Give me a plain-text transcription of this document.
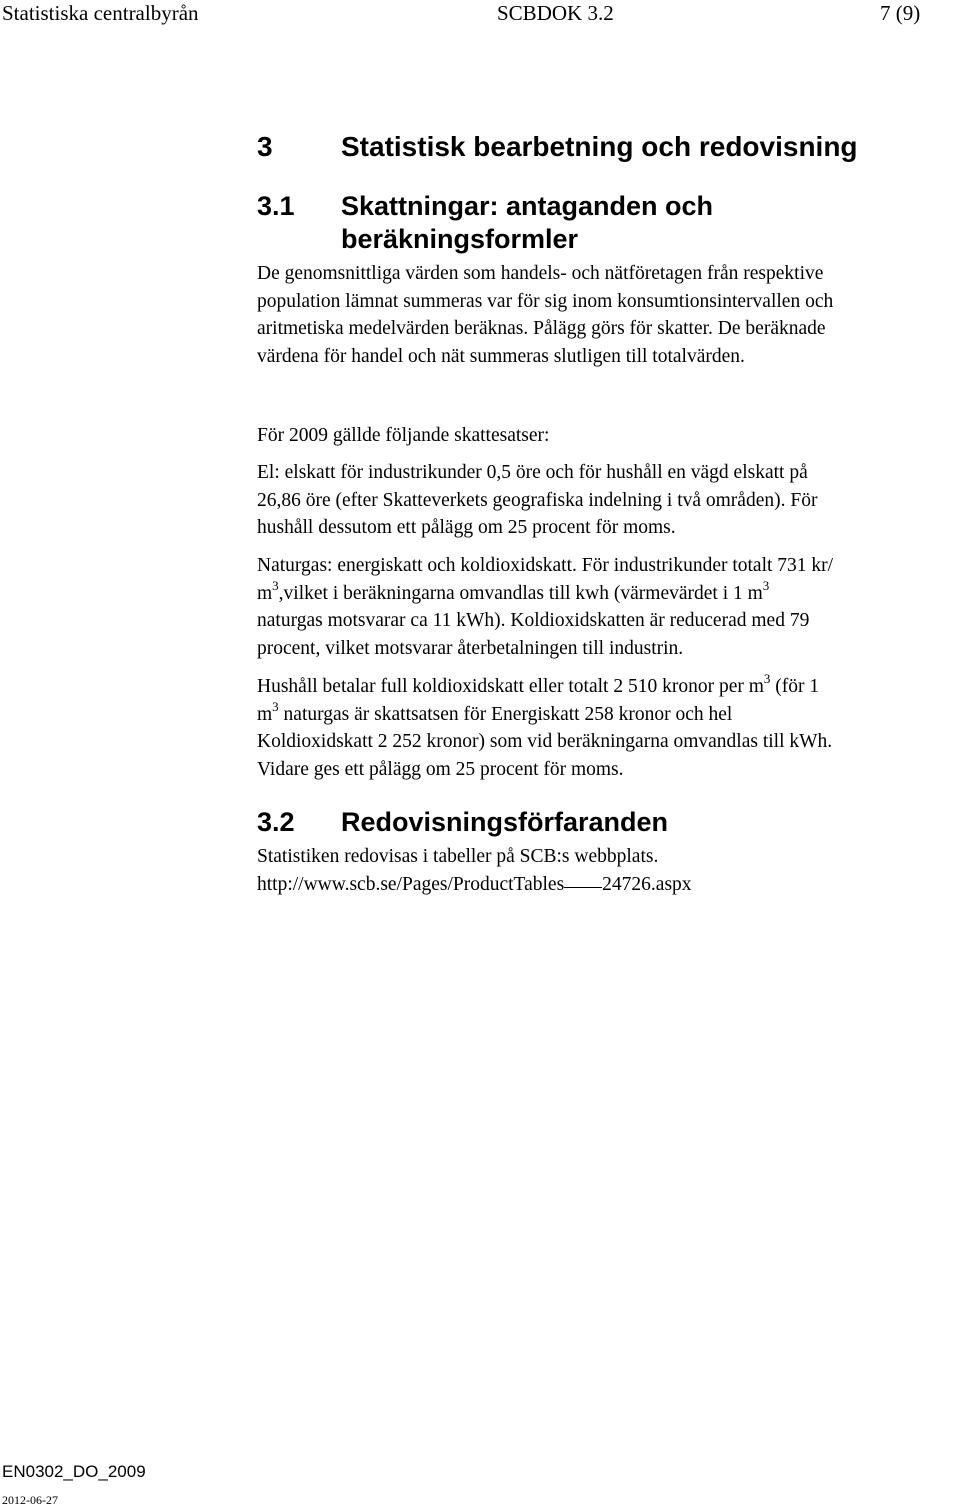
Statistiska centralbyrån	SCBDOK 3.2	7 (9)
3 Statistisk bearbetning och redovisning
3.1 Skattningar: antaganden och
beräkningsformler

De genomsnittliga värden som handels- och nätföretagen från respektive

population lämnat summeras var för sig inom konsumtionsintervallen och

aritmetiska medelvärden beräknas. Pålägg görs för skatter. De beräknade

värdena för handel och nät summeras slutligen till totalvärden.

För 2009 gällde följande skattesatser:

El: elskatt för industrikunder 0,5 öre och för hushåll en vägd elskatt på

26,86 öre (efter Skatteverkets geografiska indelning i två områden). För

hushåll dessutom ett pålägg om 25 procent för moms.

Naturgas: energiskatt och koldioxidskatt. För industrikunder totalt 731 kr/

$m^3,vilket$ i beräkningarna omvandlas till kwh (värmevärdet i 1 $m^3$

naturgas motsvarar ca 11 kWh). Koldioxidskatten är reducerad med 79

procent, vilket motsvarar återbetalningen till industrin.

Hushåll betalar full koldioxidskatt eller totalt 2 510 kronor per $m^3$ (för 1

$m^3$ naturgas är skattsatsen för Energiskatt 258 kronor och hel

Koldioxidskatt 2 252 kronor) som vid beräkningarna omvandlas till kWh.

Vidare ges ett pålägg om 25 procent för moms.

3.2 Redovisningsförfaranden

Statistiken redovisas i tabeller på SCB:s webbplats.

http://www.scb.se/Pages/ProductTables 24726.aspx

EN0302_DO_2009
2012-06-27
